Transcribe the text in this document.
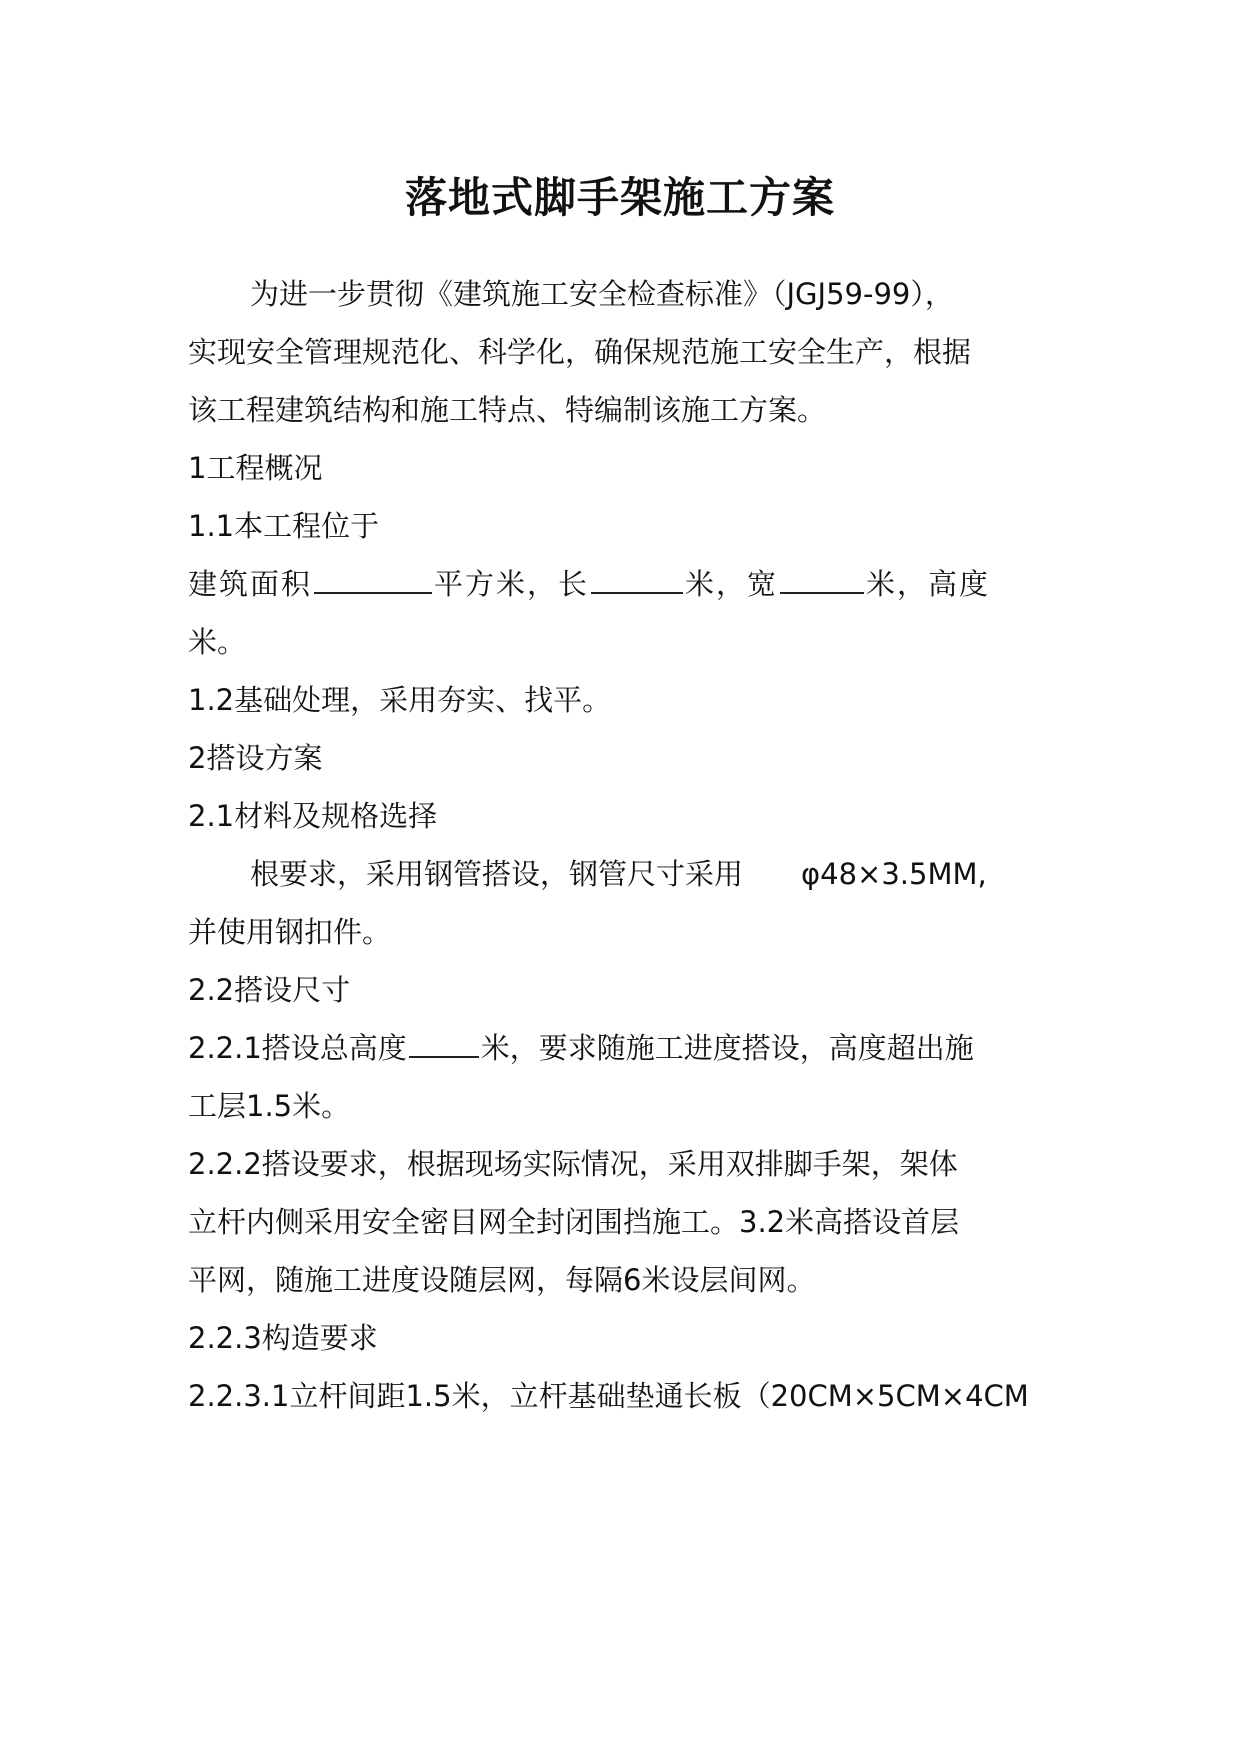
落地式脚手架施工方案

为进一步贯彻《建筑施工安全检查标准》（JGJ59-99），

实现安全管理规范化、科学化，确保规范施工安全生产，根据

该工程建筑结构和施工特点、特编制该施工方案。

1工程概况

1.1本工程位于

建筑面积	平方米，长	米，宽	米，高度

米。

1.2基础处理，采用夯实、找平。

2搭设方案

2.1材料及规格选择

根要求，采用钢管搭设，钢管尺寸采用　　φ48×3.5MM,

并使用钢扣件。

2.2搭设尺寸

2.2.1搭设总高度	米，要求随施工进度搭设，高度超出施

工层1.5米。

2.2.2搭设要求，根据现场实际情况，采用双排脚手架，架体

立杆内侧采用安全密目网全封闭围挡施工。3.2米高搭设首层

平网，随施工进度设随层网，每隔6米设层间网。

2.2.3构造要求

2.2.3.1立杆间距1.5米，立杆基础垫通长板（20CM×5CM×4CM
